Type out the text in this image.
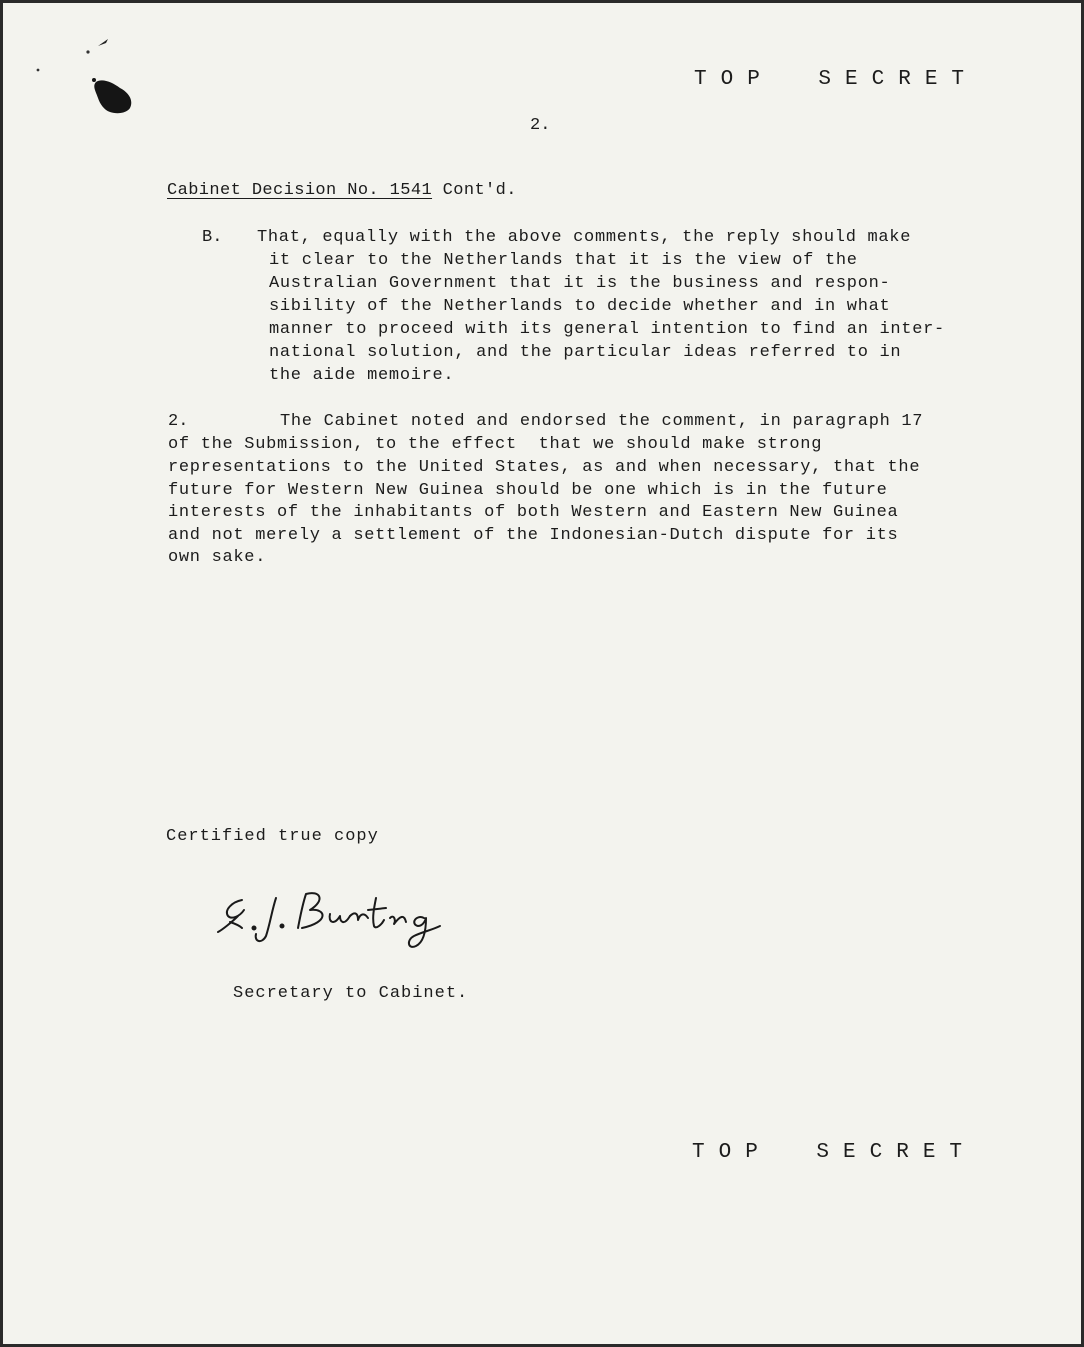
TOP SECRET
2.
Cabinet Decision No. 1541 Cont'd.
B. That, equally with the above comments, the reply should make
it clear to the Netherlands that it is the view of the
Australian Government that it is the business and respon-
sibility of the Netherlands to decide whether and in what
manner to proceed with its general intention to find an inter-
national solution, and the particular ideas referred to in
the aide memoire.
2.	The Cabinet noted and endorsed the comment, in paragraph 17
of the Submission, to the effect  that we should make strong
representations to the United States, as and when necessary, that the
future for Western New Guinea should be one which is in the future
interests of the inhabitants of both Western and Eastern New Guinea
and not merely a settlement of the Indonesian-Dutch dispute for its
own sake.
Certified true copy
Secretary to Cabinet.
TOP SECRET
